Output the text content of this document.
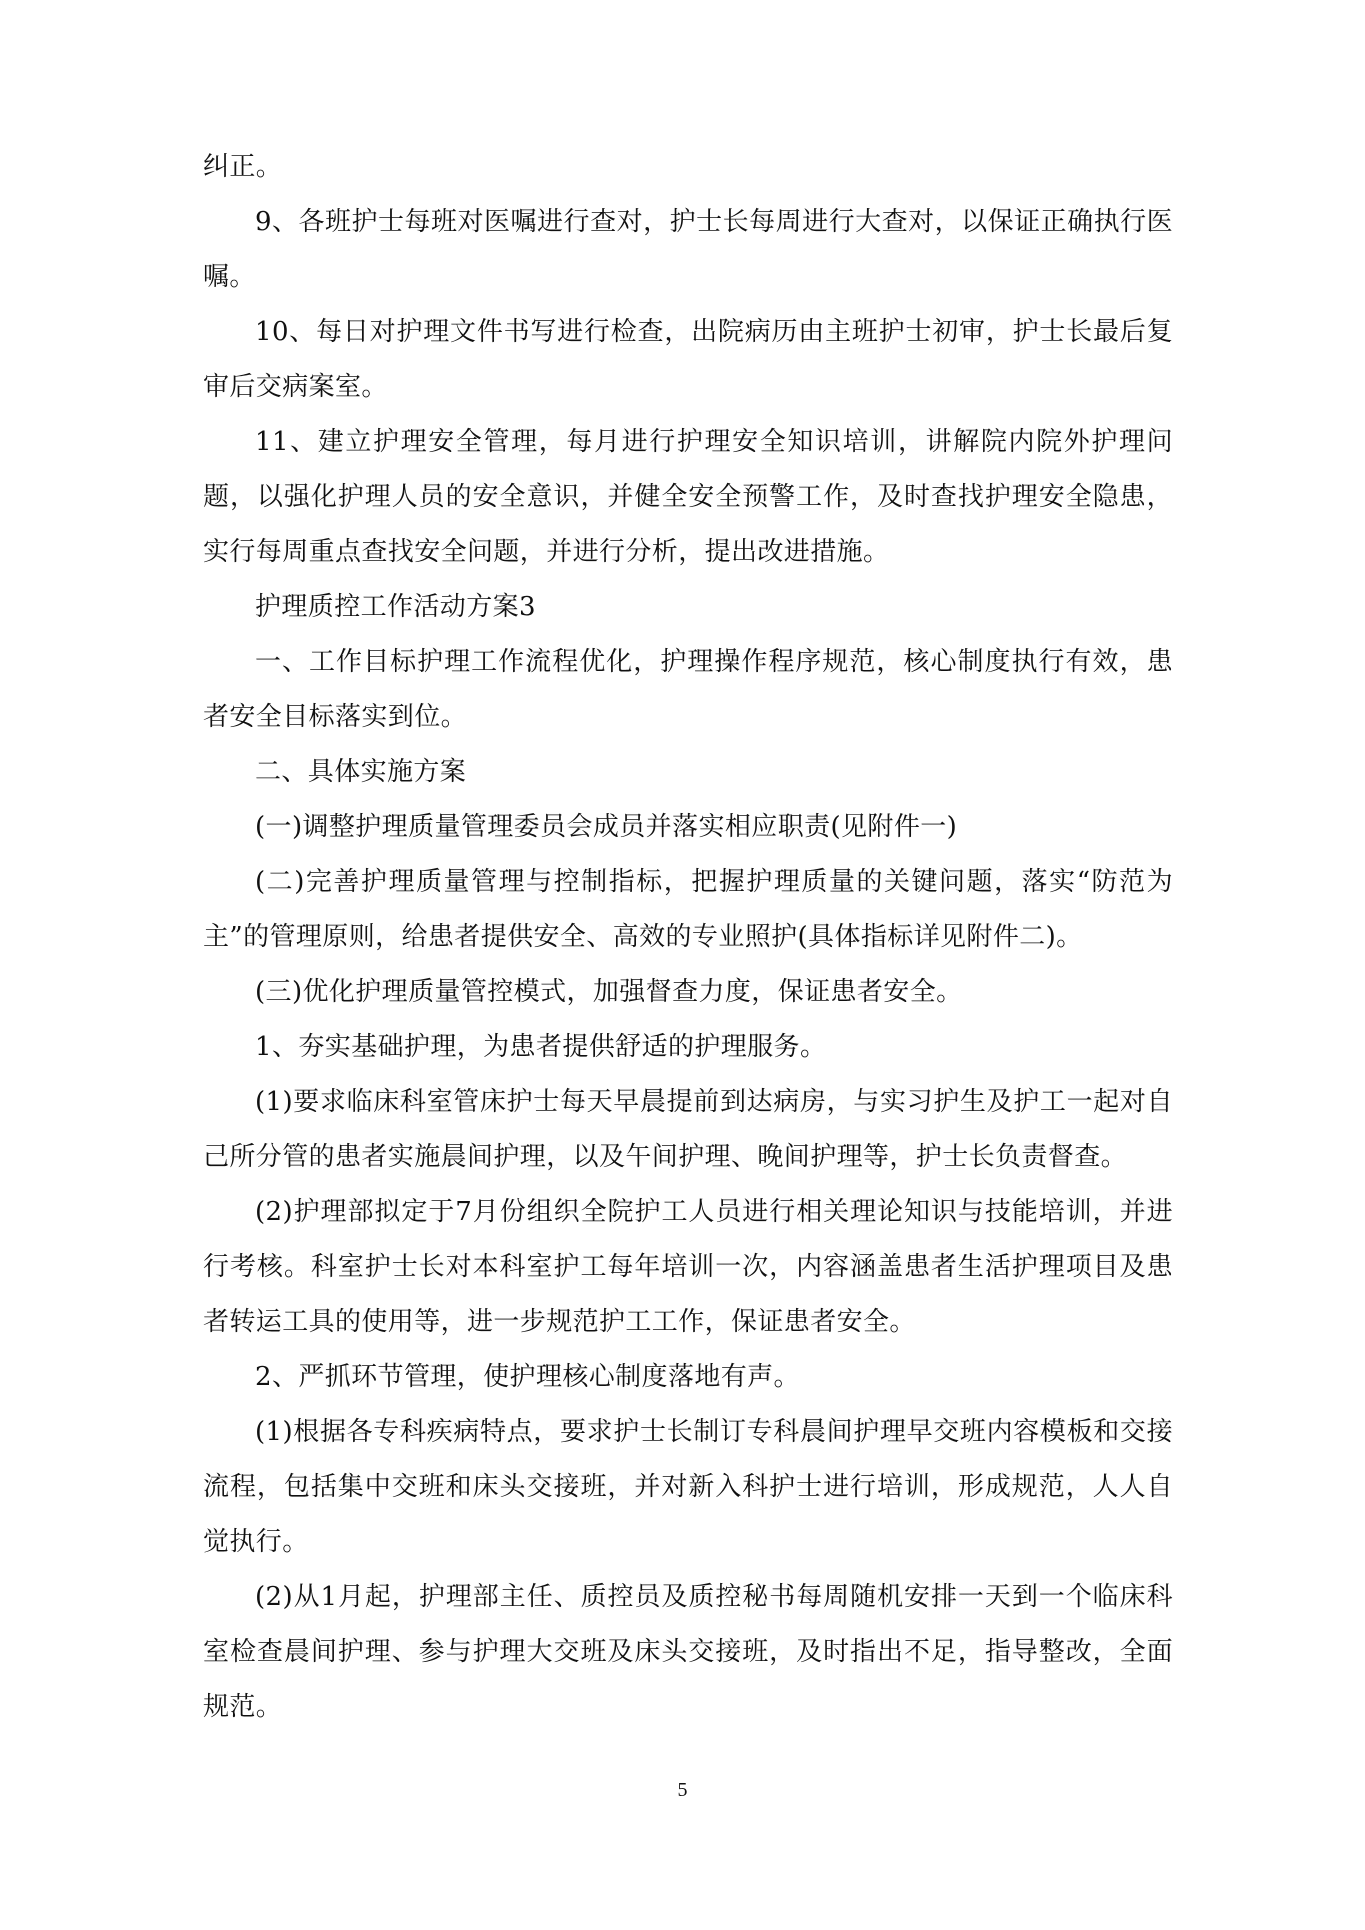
纠正。

9、各班护士每班对医嘱进行查对，护士长每周进行大查对，以保证正确执行医嘱。

10、每日对护理文件书写进行检查，出院病历由主班护士初审，护士长最后复审后交病案室。

11、建立护理安全管理，每月进行护理安全知识培训，讲解院内院外护理问题，以强化护理人员的安全意识，并健全安全预警工作，及时查找护理安全隐患，实行每周重点查找安全问题，并进行分析，提出改进措施。

护理质控工作活动方案3

一、工作目标护理工作流程优化，护理操作程序规范，核心制度执行有效，患者安全目标落实到位。

二、具体实施方案

(一)调整护理质量管理委员会成员并落实相应职责(见附件一)

(二)完善护理质量管理与控制指标，把握护理质量的关键问题，落实“防范为主”的管理原则，给患者提供安全、高效的专业照护(具体指标详见附件二)。

(三)优化护理质量管控模式，加强督查力度，保证患者安全。

1、夯实基础护理，为患者提供舒适的护理服务。

(1)要求临床科室管床护士每天早晨提前到达病房，与实习护生及护工一起对自己所分管的患者实施晨间护理，以及午间护理、晚间护理等，护士长负责督查。

(2)护理部拟定于7月份组织全院护工人员进行相关理论知识与技能培训，并进行考核。科室护士长对本科室护工每年培训一次，内容涵盖患者生活护理项目及患者转运工具的使用等，进一步规范护工工作，保证患者安全。

2、严抓环节管理，使护理核心制度落地有声。

(1)根据各专科疾病特点，要求护士长制订专科晨间护理早交班内容模板和交接流程，包括集中交班和床头交接班，并对新入科护士进行培训，形成规范，人人自觉执行。

(2)从1月起，护理部主任、质控员及质控秘书每周随机安排一天到一个临床科室检查晨间护理、参与护理大交班及床头交接班，及时指出不足，指导整改，全面规范。

5
